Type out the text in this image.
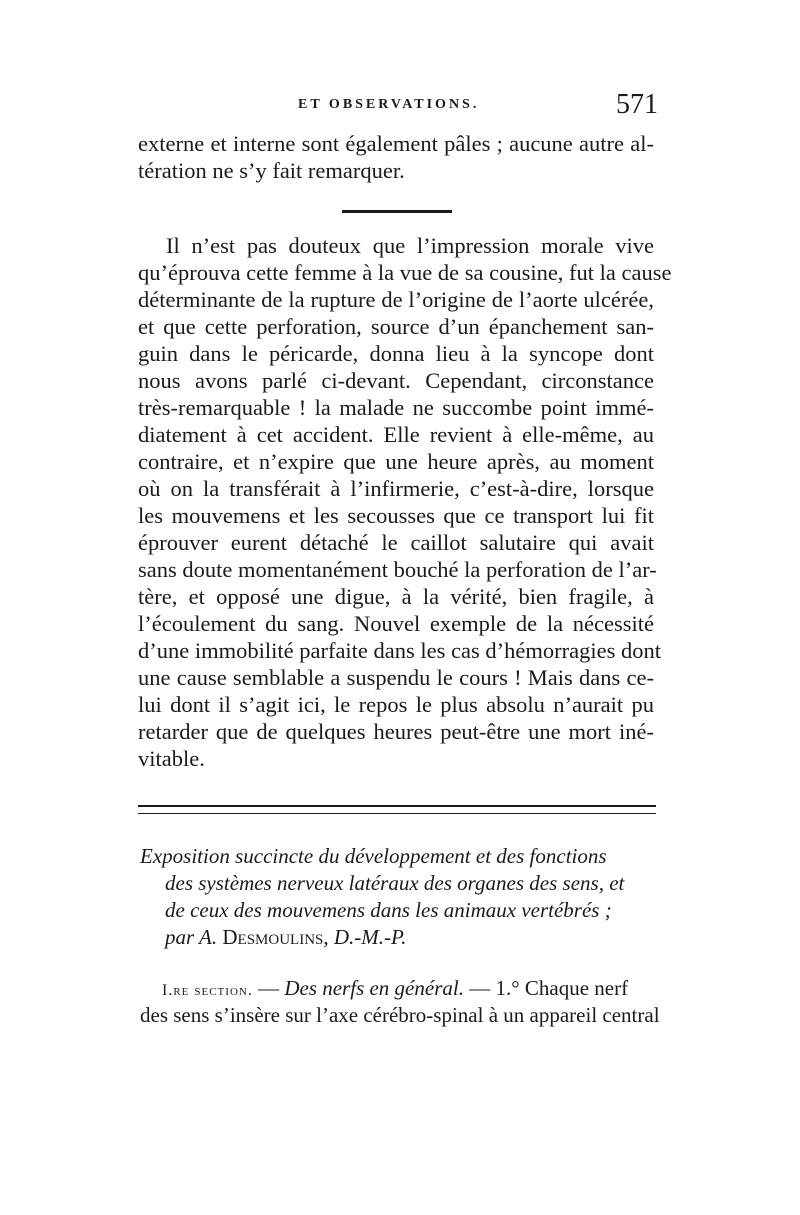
ET OBSERVATIONS.	571
externe et interne sont également pâles ; aucune autre al-
tération ne s’y fait remarquer.
Il n’est pas douteux que l’impression morale vive
qu’éprouva cette femme à la vue de sa cousine, fut la cause
déterminante de la rupture de l’origine de l’aorte ulcérée,
et que cette perforation, source d’un épanchement san-
guin dans le péricarde, donna lieu à la syncope dont
nous avons parlé ci-devant. Cependant, circonstance
très-remarquable ! la malade ne succombe point immé-
diatement à cet accident. Elle revient à elle-même, au
contraire, et n’expire que une heure après, au moment
où on la transférait à l’infirmerie, c’est-à-dire, lorsque
les mouvemens et les secousses que ce transport lui fit
éprouver eurent détaché le caillot salutaire qui avait
sans doute momentanément bouché la perforation de l’ar-
tère, et opposé une digue, à la vérité, bien fragile, à
l’écoulement du sang. Nouvel exemple de la nécessité
d’une immobilité parfaite dans les cas d’hémorragies dont
une cause semblable a suspendu le cours ! Mais dans ce-
lui dont il s’agit ici, le repos le plus absolu n’aurait pu
retarder que de quelques heures peut-être une mort iné-
vitable.
Exposition succincte du développement et des fonctions
des systèmes nerveux latéraux des organes des sens, et
de ceux des mouvemens dans les animaux vertébrés ;
par A. Desmoulins, D.-M.-P.
I.re section. — Des nerfs en général. — 1.° Chaque nerf
des sens s’insère sur l’axe cérébro-spinal à un appareil central
